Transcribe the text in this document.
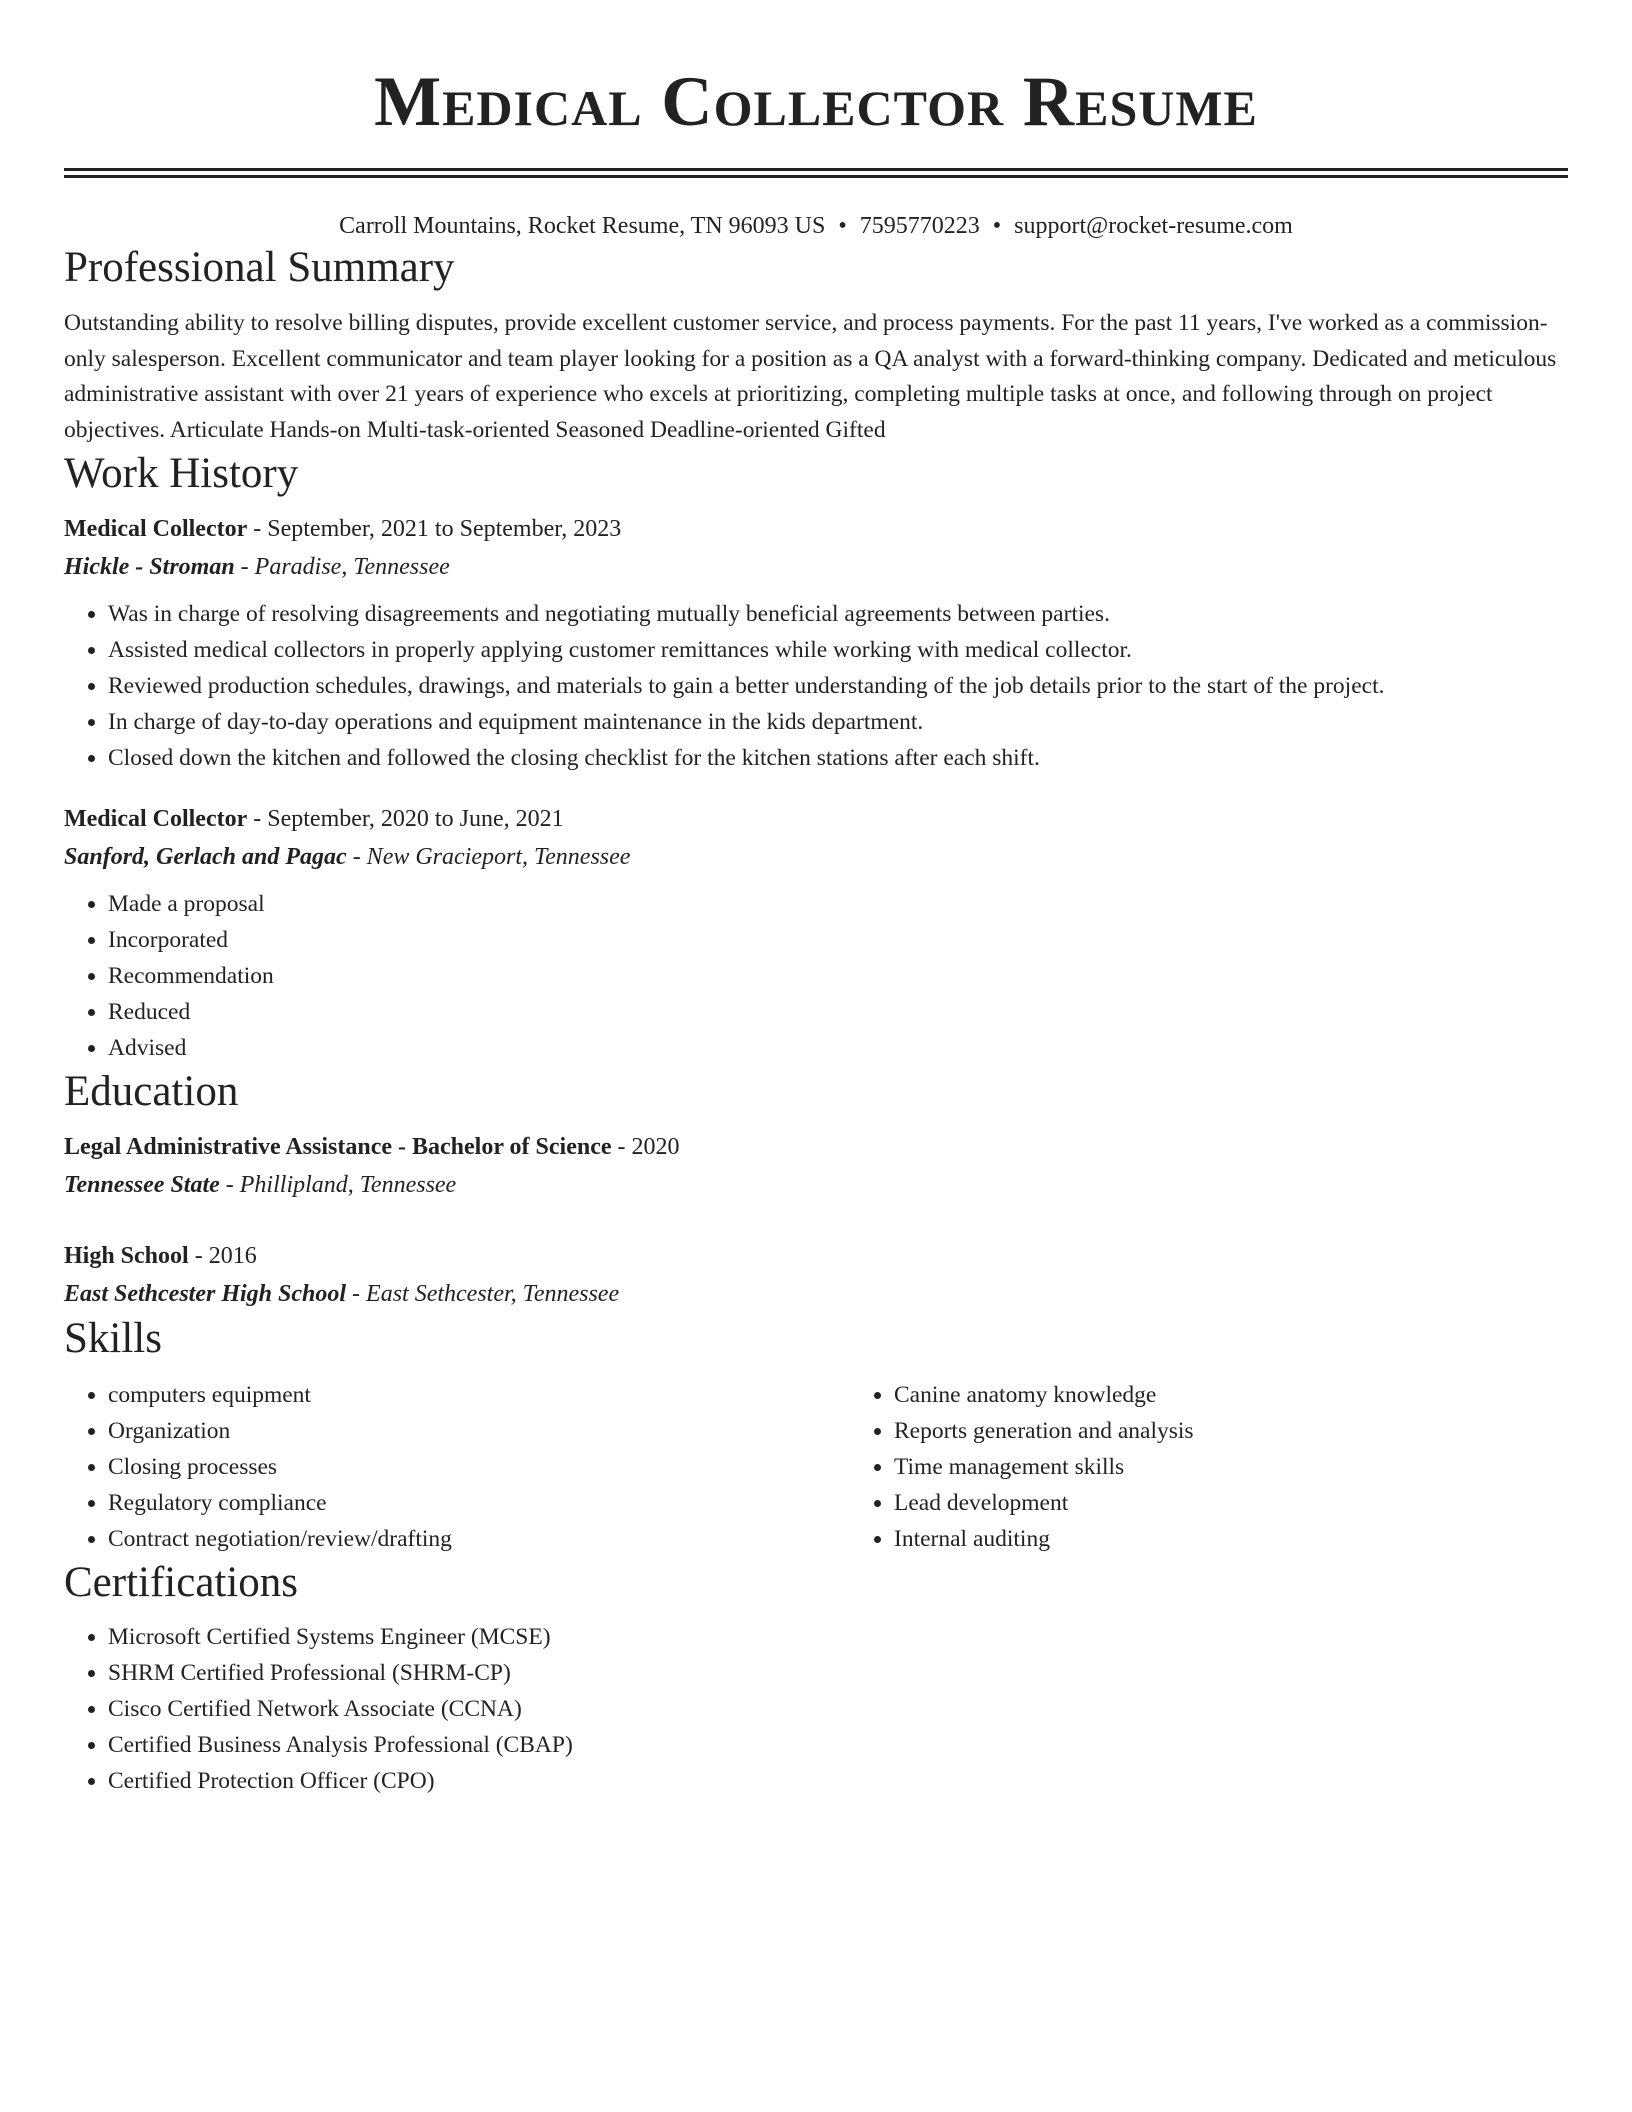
Medical Collector Resume
Carroll Mountains, Rocket Resume, TN 96093 US • 7595770223 • support@rocket-resume.com
Professional Summary

Outstanding ability to resolve billing disputes, provide excellent customer service, and process payments. For the past 11 years, I've worked as a commission-only salesperson. Excellent communicator and team player looking for a position as a QA analyst with a forward-thinking company. Dedicated and meticulous administrative assistant with over 21 years of experience who excels at prioritizing, completing multiple tasks at once, and following through on project objectives. Articulate Hands-on Multi-task-oriented Seasoned Deadline-oriented Gifted

Work History
Medical Collector - September, 2021 to September, 2023
Hickle - Stroman - Paradise, Tennessee
• Was in charge of resolving disagreements and negotiating mutually beneficial agreements between parties.
• Assisted medical collectors in properly applying customer remittances while working with medical collector.
• Reviewed production schedules, drawings, and materials to gain a better understanding of the job details prior to the start of the project.
• In charge of day-to-day operations and equipment maintenance in the kids department.
• Closed down the kitchen and followed the closing checklist for the kitchen stations after each shift.
Medical Collector - September, 2020 to June, 2021
Sanford, Gerlach and Pagac - New Gracieport, Tennessee
• Made a proposal
• Incorporated
• Recommendation
• Reduced
• Advised
Education
Legal Administrative Assistance - Bachelor of Science - 2020
Tennessee State - Phillipland, Tennessee
High School - 2016
East Sethcester High School - East Sethcester, Tennessee
Skills
• computers equipment
• Organization
• Closing processes
• Regulatory compliance
• Contract negotiation/review/drafting
• Canine anatomy knowledge
• Reports generation and analysis
• Time management skills
• Lead development
• Internal auditing
Certifications
• Microsoft Certified Systems Engineer (MCSE)
• SHRM Certified Professional (SHRM-CP)
• Cisco Certified Network Associate (CCNA)
• Certified Business Analysis Professional (CBAP)
• Certified Protection Officer (CPO)
